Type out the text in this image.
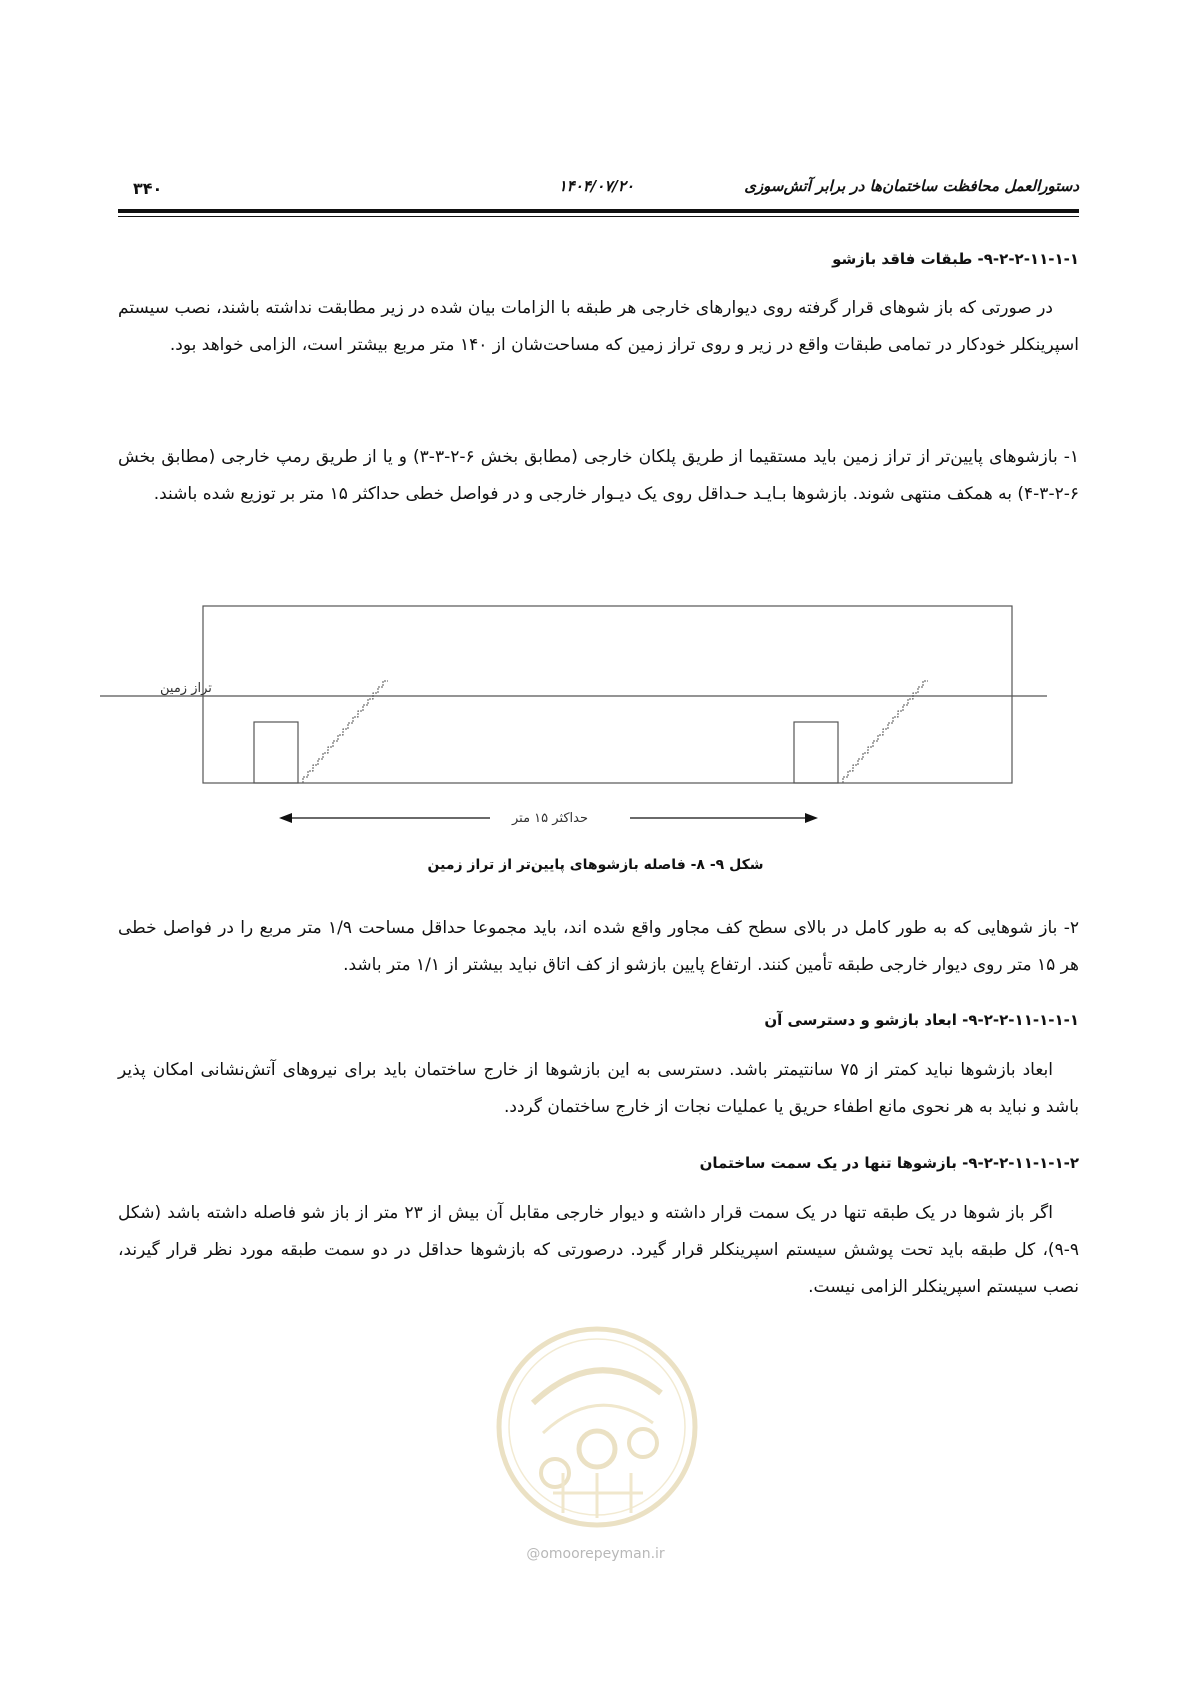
دستورالعمل محافظت ساختمان‌ها در برابر آتش‌سوزی
۱۴۰۴/۰۷/۲۰
۳۴۰
۹-۲-۲-۱۱-۱-۱- طبقات فاقد بازشو
در صورتی که باز شوهای قرار گرفته روی دیوارهای خارجی هر طبقه با الزامات بیان شده در زیر مطابقت نداشته باشند، نصب سیستم اسپرینکلر خودکار در تمامی طبقات واقع در زیر و روی تراز زمین که مساحت‌شان از ۱۴۰ متر مربع بیشتر است، الزامی خواهد بود.
۱- بازشوهای پایین‌تر از تراز زمین باید مستقیما از طریق پلکان خارجی (مطابق بخش ۶-۲-۳-۳) و یا از طریق رمپ خارجی (مطابق بخش ۶-۲-۳-۴) به همکف منتهی شوند. بازشوها بـایـد حـداقل روی یک دیـوار خارجی و در فواصل خطی حداکثر ۱۵ متر بر توزیع شده باشند.
تراز زمین
حداکثر ۱۵ متر
شکل ۹- ۸- فاصله بازشوهای پایین‌تر از تراز زمین
۲- باز شوهایی که به طور کامل در بالای سطح کف مجاور واقع شده اند، باید مجموعا حداقل مساحت ۱/۹ متر مربع را در فواصل خطی هر ۱۵ متر روی دیوار خارجی طبقه تأمین کنند. ارتفاع پایین بازشو از کف اتاق نباید بیشتر از ۱/۱ متر باشد.
۹-۲-۲-۱۱-۱-۱-۱- ابعاد بازشو و دسترسی آن
ابعاد بازشوها نباید کمتر از ۷۵ سانتیمتر باشد. دسترسی به این بازشوها از خارج ساختمان باید برای نیروهای آتش‌نشانی امکان پذیر باشد و نباید به هر نحوی مانع اطفاء حریق یا عملیات نجات از خارج ساختمان گردد.
۹-۲-۲-۱۱-۱-۱-۲- بازشوها تنها در یک سمت ساختمان
اگر باز شوها در یک طبقه تنها در یک سمت قرار داشته و دیوار خارجی مقابل آن بیش از ۲۳ متر از باز شو فاصله داشته باشد (شکل ۹-۹)، کل طبقه باید تحت پوشش سیستم اسپرینکلر قرار گیرد. درصورتی که بازشوها حداقل در دو سمت طبقه مورد نظر قرار گیرند، نصب سیستم اسپرینکلر الزامی نیست.
@omoorepeyman.ir
